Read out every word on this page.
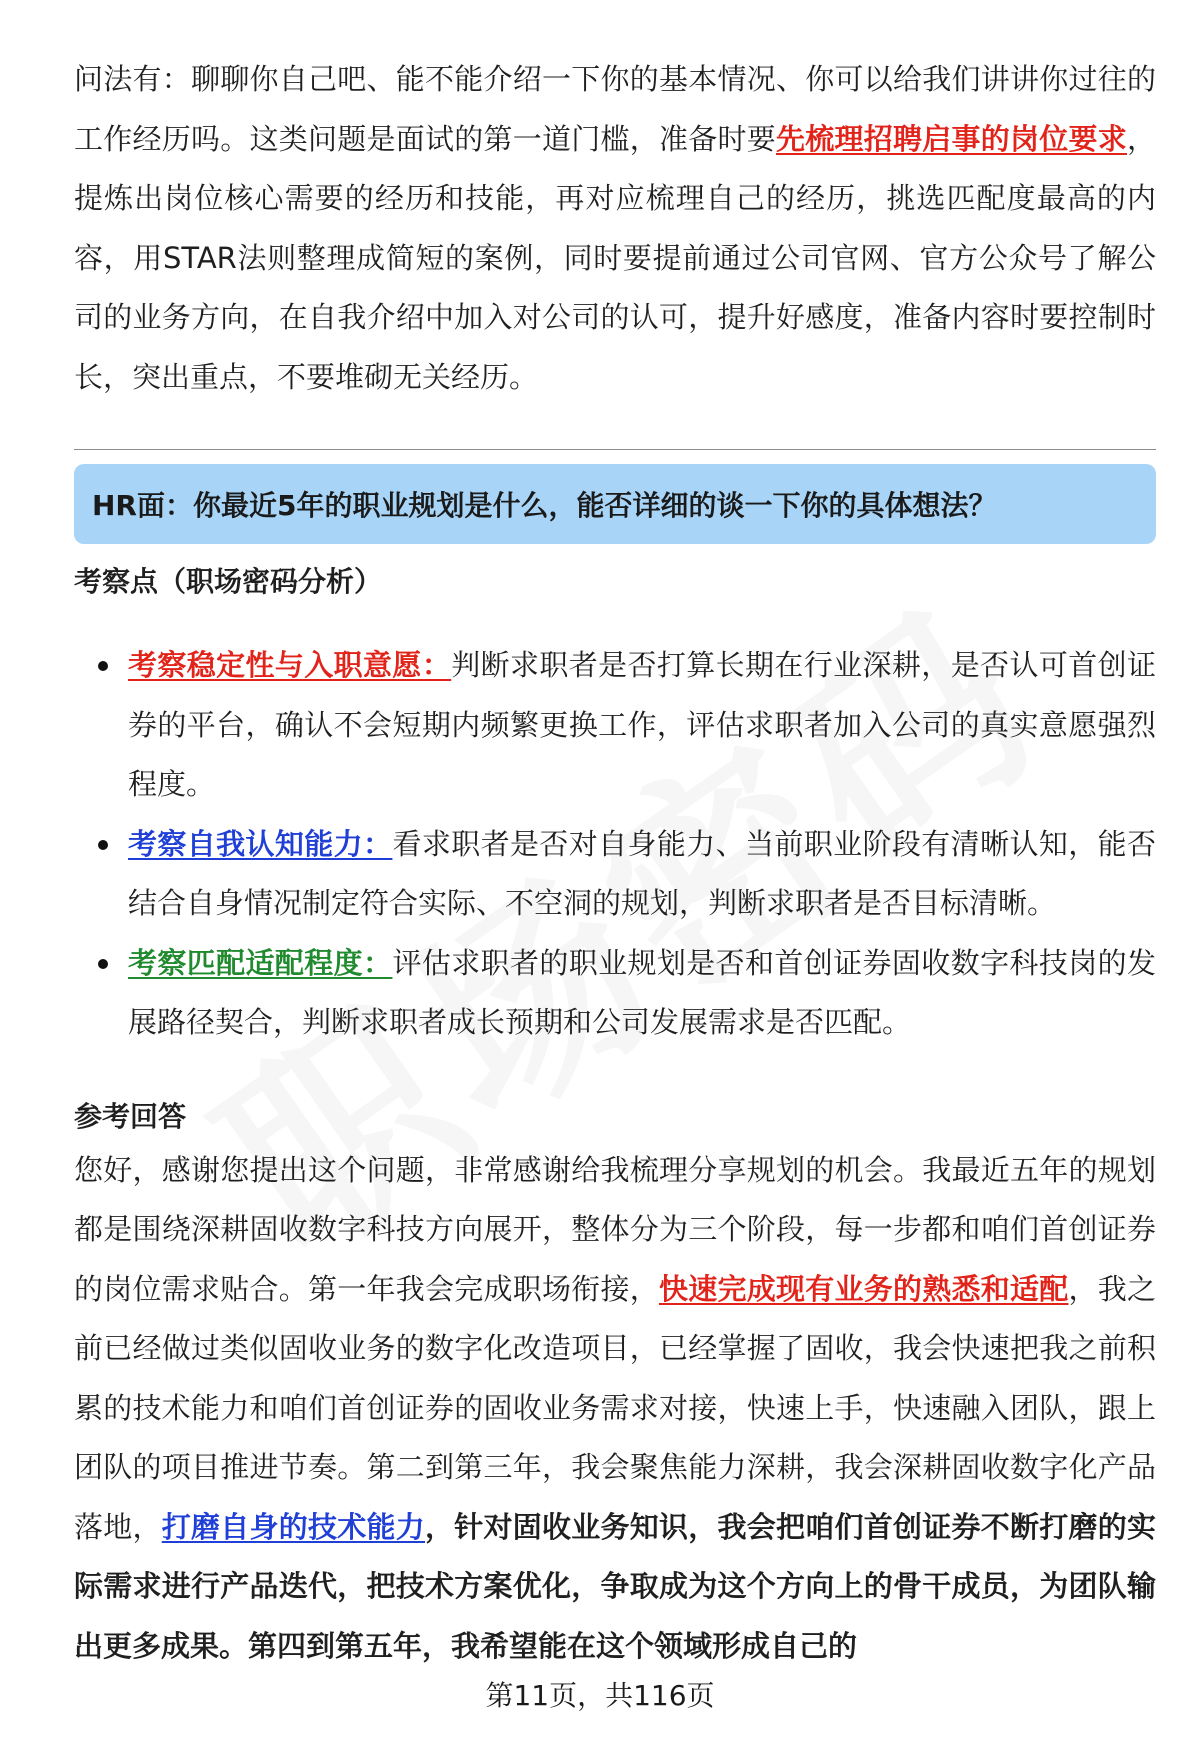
问法有：聊聊你自己吧、能不能介绍一下你的基本情况、你可以给我们讲讲你过往的工作经历吗。这类问题是面试的第一道门槛，准备时要先梳理招聘启事的岗位要求，提炼出岗位核心需要的经历和技能，再对应梳理自己的经历，挑选匹配度最高的内容，用STAR法则整理成简短的案例，同时要提前通过公司官网、官方公众号了解公司的业务方向，在自我介绍中加入对公司的认可，提升好感度，准备内容时要控制时长，突出重点，不要堆砌无关经历。

HR面：你最近5年的职业规划是什么，能否详细的谈一下你的具体想法？
考察点（职场密码分析）
考察稳定性与入职意愿：判断求职者是否打算长期在行业深耕，是否认可首创证券的平台，确认不会短期内频繁更换工作，评估求职者加入公司的真实意愿强烈程度。
考察自我认知能力：看求职者是否对自身能力、当前职业阶段有清晰认知，能否结合自身情况制定符合实际、不空洞的规划，判断求职者是否目标清晰。
考察匹配适配程度：评估求职者的职业规划是否和首创证券固收数字科技岗的发展路径契合，判断求职者成长预期和公司发展需求是否匹配。
参考回答

您好，感谢您提出这个问题，非常感谢给我梳理分享规划的机会。我最近五年的规划都是围绕深耕固收数字科技方向展开，整体分为三个阶段，每一步都和咱们首创证券的岗位需求贴合。第一年我会完成职场衔接，快速完成现有业务的熟悉和适配，我之前已经做过类似固收业务的数字化改造项目，已经掌握了固收，我会快速把我之前积累的技术能力和咱们首创证券的固收业务需求对接，快速上手，快速融入团队，跟上团队的项目推进节奏。第二到第三年，我会聚焦能力深耕，我会深耕固收数字化产品落地，打磨自身的技术能力，针对固收业务知识，我会把咱们首创证券不断打磨的实际需求进行产品迭代，把技术方案优化，争取成为这个方向上的骨干成员，为团队输出更多成果。第四到第五年，我希望能在这个领域形成自己的

第11页，共116页
